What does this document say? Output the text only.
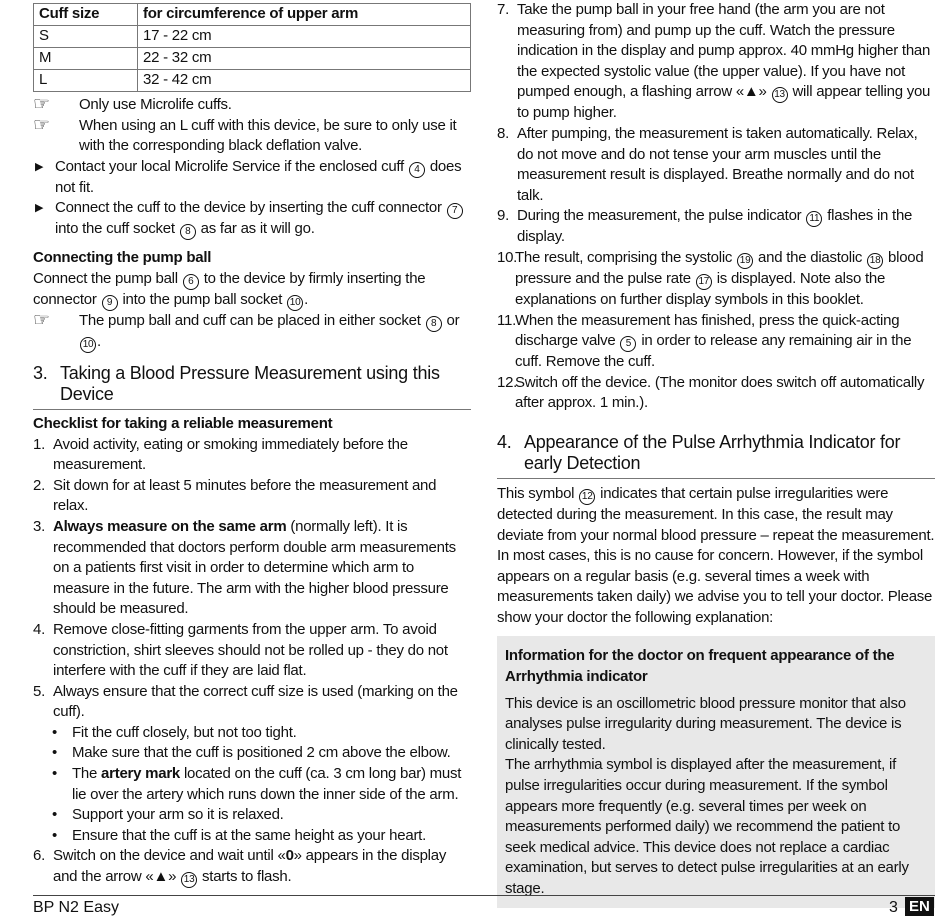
Cuff size	for circumference of upper arm
S	17 - 22 cm
M	22 - 32 cm
L	32 - 42 cm
☞	Only use Microlife cuffs.
☞	When using an L cuff with this device, be sure to only use it with the corresponding black deflation valve.
▶ Contact your local Microlife Service if the enclosed cuff 4 does not fit.
▶ Connect the cuff to the device by inserting the cuff connector 7 into the cuff socket 8 as far as it will go.
Connecting the pump ball
Connect the pump ball 6 to the device by firmly inserting the connector 9 into the pump ball socket 10 .
☞	The pump ball and cuff can be placed in either socket 8 or 10 .
3. Taking a Blood Pressure Measurement using this Device
Checklist for taking a reliable measurement
1. Avoid activity, eating or smoking immediately before the measurement.
2. Sit down for at least 5 minutes before the measurement and relax.
3. Always measure on the same arm (normally left). It is recommended that doctors perform double arm measurements on a patients first visit in order to determine which arm to measure in the future. The arm with the higher blood pressure should be measured.
4. Remove close-fitting garments from the upper arm. To avoid constriction, shirt sleeves should not be rolled up - they do not interfere with the cuff if they are laid flat.
5. Always ensure that the correct cuff size is used (marking on the cuff).
• Fit the cuff closely, but not too tight.
• Make sure that the cuff is positioned 2 cm above the elbow.
• The artery mark located on the cuff (ca. 3 cm long bar) must lie over the artery which runs down the inner side of the arm.
• Support your arm so it is relaxed.
• Ensure that the cuff is at the same height as your heart.
6. Switch on the device and wait until «0» appears in the display and the arrow «▲» 13 starts to flash.
7. Take the pump ball in your free hand (the arm you are not measuring from) and pump up the cuff. Watch the pressure indication in the display and pump approx. 40 mmHg higher than the expected systolic value (the upper value). If you have not pumped enough, a flashing arrow «▲» 13 will appear telling you to pump higher.
8. After pumping, the measurement is taken automatically. Relax, do not move and do not tense your arm muscles until the measurement result is displayed. Breathe normally and do not talk.
9. During the measurement, the pulse indicator 11 flashes in the display.
10.
The result, comprising the systolic 19 and the diastolic 18 blood pressure and the pulse rate 17 is displayed. Note also the explanations on further display symbols in this booklet.
11. When the measurement has finished, press the quick-acting discharge valve 5 in order to release any remaining air in the cuff. Remove the cuff.
12.
Switch off the device. (The monitor does switch off automatically after approx. 1 min.).
4. Appearance of the Pulse Arrhythmia Indicator for early Detection
This symbol 12 indicates that certain pulse irregularities were detected during the measurement. In this case, the result may deviate from your normal blood pressure – repeat the measurement. In most cases, this is no cause for concern. However, if the symbol appears on a regular basis (e.g. several times a week with measurements taken daily) we advise you to tell your doctor. Please show your doctor the following explanation:
Information for the doctor on frequent appearance of the Arrhythmia indicator
This device is an oscillometric blood pressure monitor that also analyses pulse irregularity during measurement. The device is clinically tested.
The arrhythmia symbol is displayed after the measurement, if pulse irregularities occur during measurement. If the symbol appears more frequently (e.g. several times per week on measurements performed daily) we recommend the patient to seek medical advice. This device does not replace a cardiac examination, but serves to detect pulse irregularities at an early stage.
BP N2 Easy	3 EN
